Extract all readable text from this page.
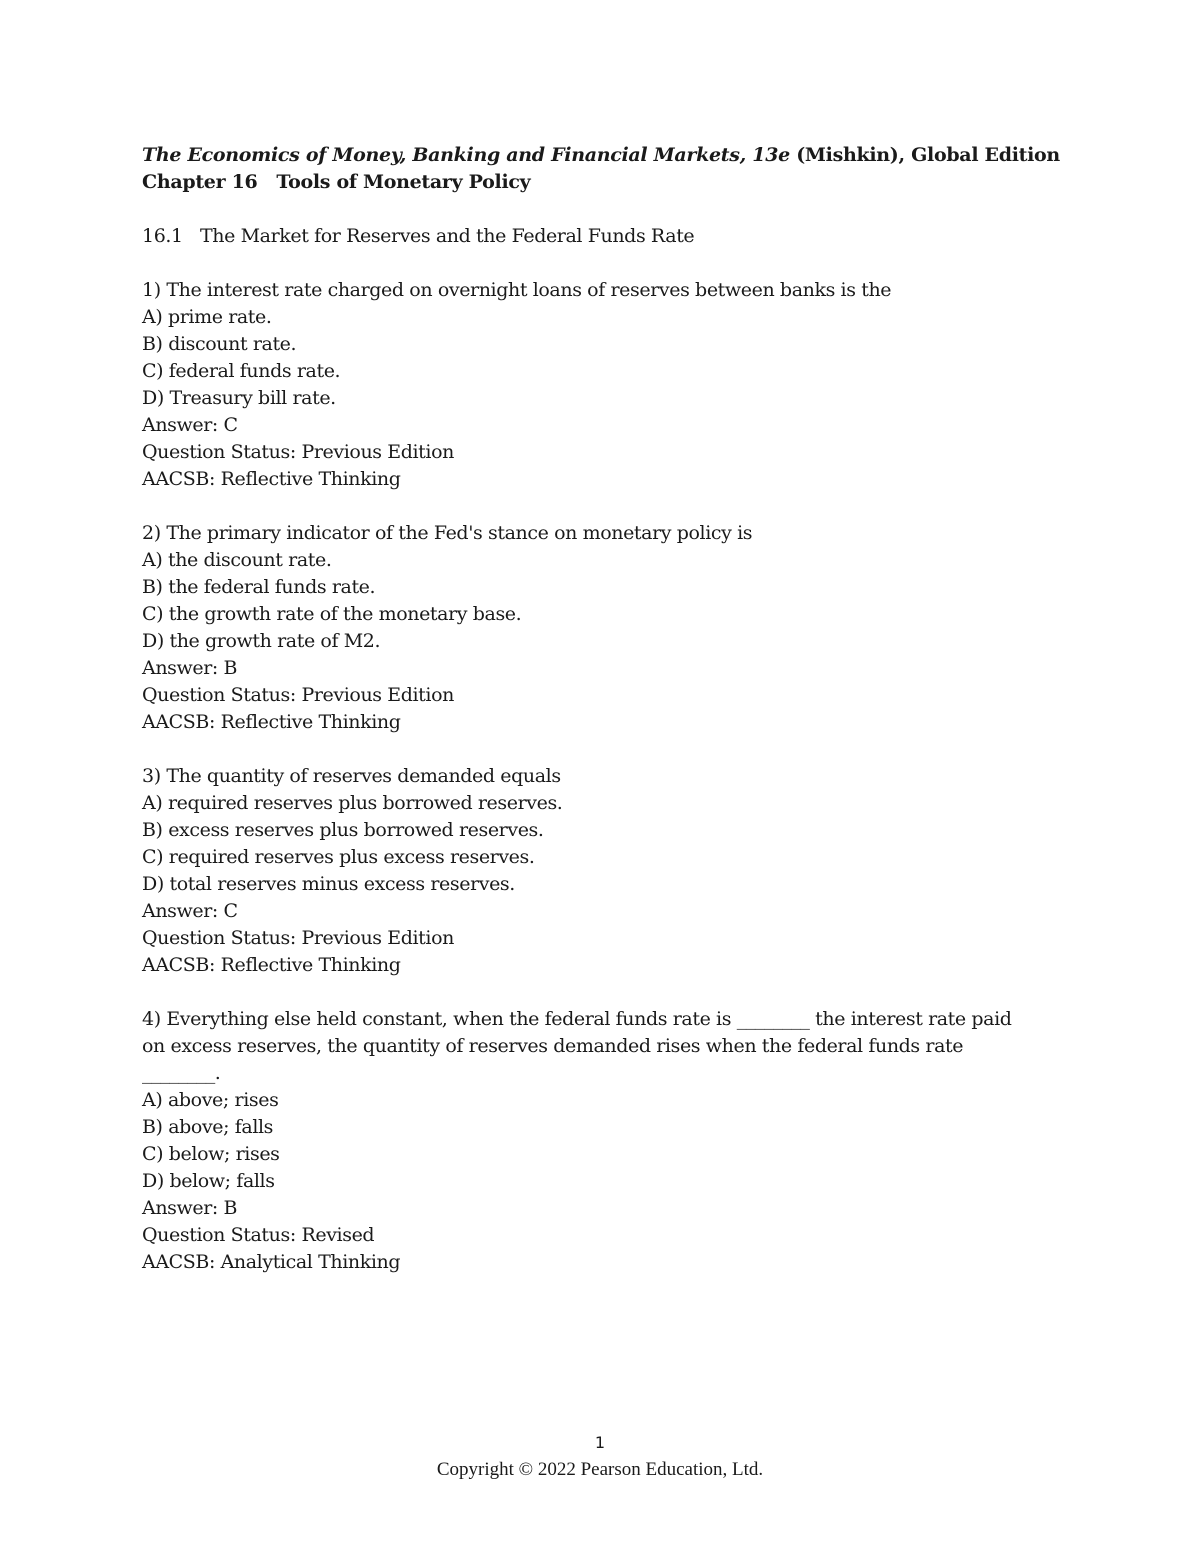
The Economics of Money, Banking and Financial Markets, 13e (Mishkin), Global Edition
Chapter 16 Tools of Monetary Policy
16.1 The Market for Reserves and the Federal Funds Rate
1) The interest rate charged on overnight loans of reserves between banks is the
A) prime rate.
B) discount rate.
C) federal funds rate.
D) Treasury bill rate.
Answer: C
Question Status: Previous Edition
AACSB: Reflective Thinking
2) The primary indicator of the Fed's stance on monetary policy is
A) the discount rate.
B) the federal funds rate.
C) the growth rate of the monetary base.
D) the growth rate of M2.
Answer: B
Question Status: Previous Edition
AACSB: Reflective Thinking
3) The quantity of reserves demanded equals
A) required reserves plus borrowed reserves.
B) excess reserves plus borrowed reserves.
C) required reserves plus excess reserves.
D) total reserves minus excess reserves.
Answer: C
Question Status: Previous Edition
AACSB: Reflective Thinking
4) Everything else held constant, when the federal funds rate is ________ the interest rate paid
on excess reserves, the quantity of reserves demanded rises when the federal funds rate
________.
A) above; rises
B) above; falls
C) below; rises
D) below; falls
Answer: B
Question Status: Revised
AACSB: Analytical Thinking
1
Copyright © 2022 Pearson Education, Ltd.
